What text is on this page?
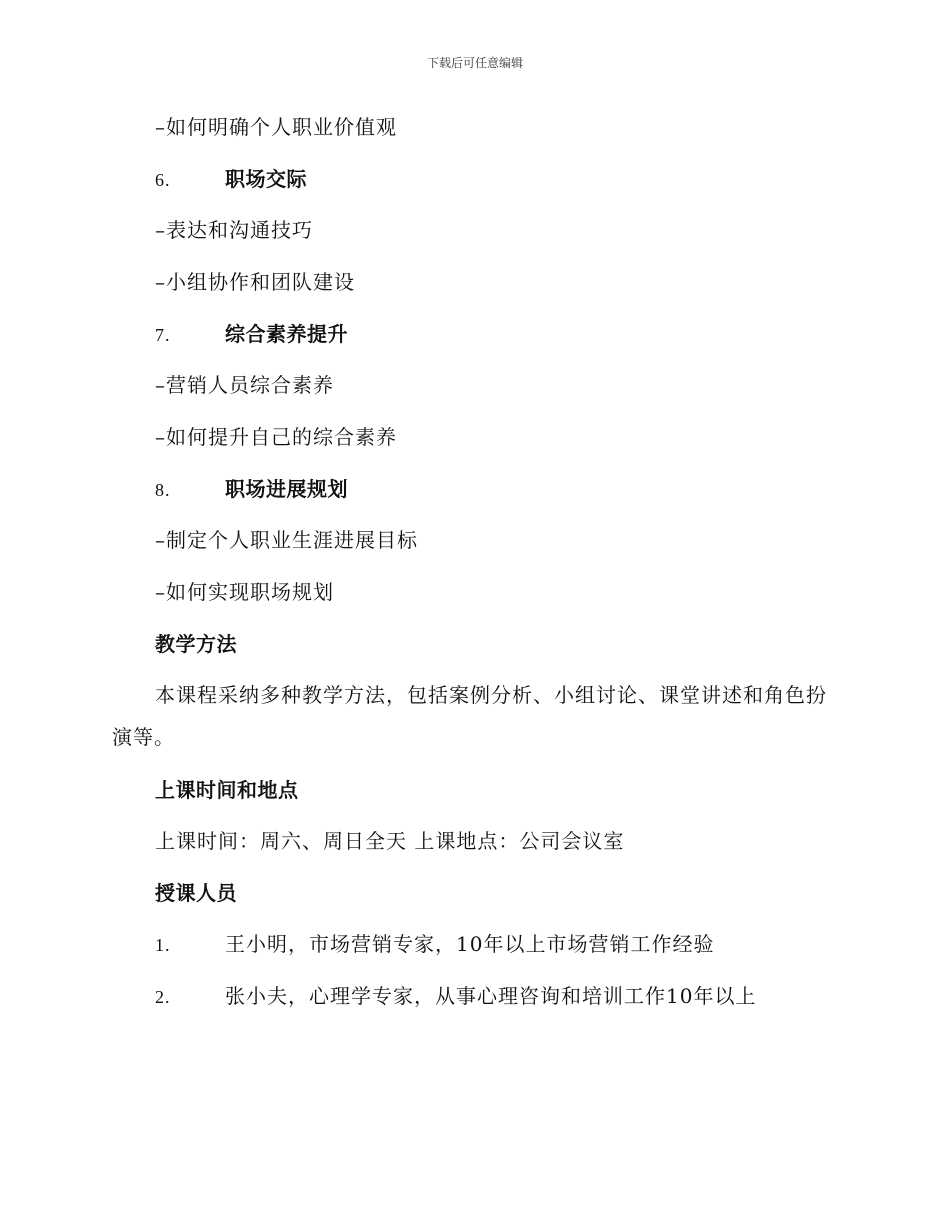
下载后可任意编辑
–如何明确个人职业价值观
6.	职场交际
–表达和沟通技巧
–小组协作和团队建设
7.	综合素养提升
–营销人员综合素养
–如何提升自己的综合素养
8.	职场进展规划
–制定个人职业生涯进展目标
–如何实现职场规划
教学方法
本课程采纳多种教学方法，包括案例分析、小组讨论、课堂讲述和角色扮演等。
上课时间和地点
上课时间：周六、周日全天 上课地点：公司会议室
授课人员
1.	王小明，市场营销专家，10年以上市场营销工作经验
2.	张小夫，心理学专家，从事心理咨询和培训工作10年以上
